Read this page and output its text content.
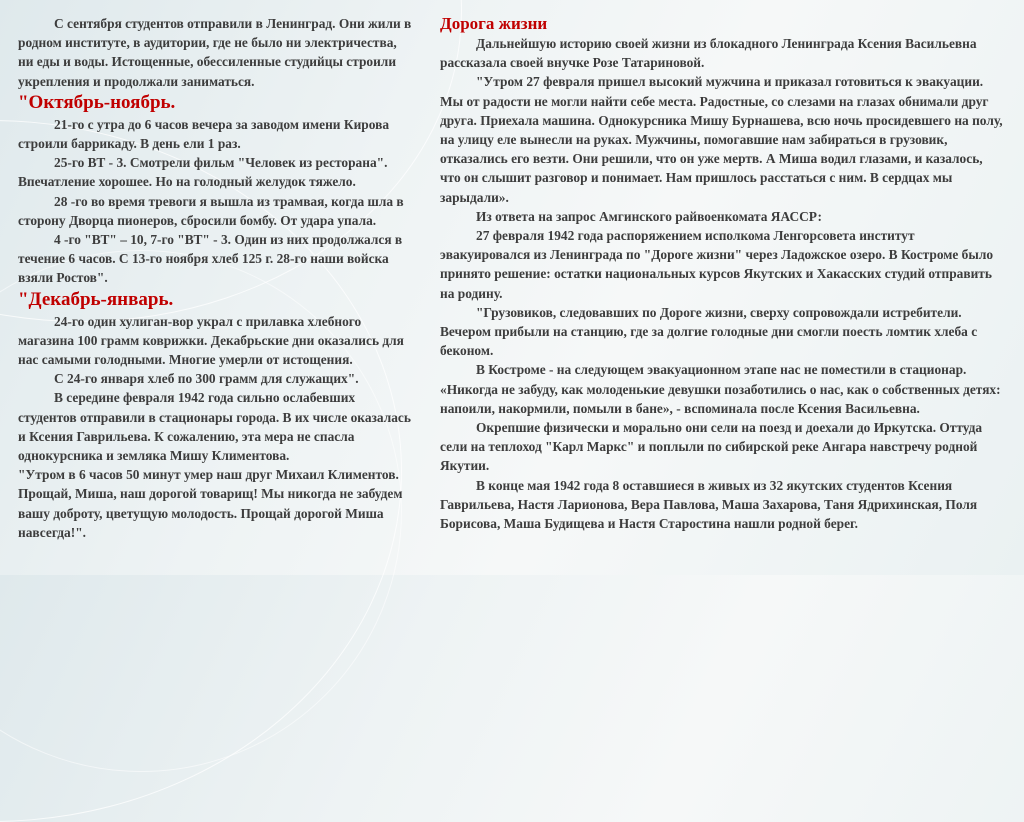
С сентября студентов отправили в Ленинград. Они жили в родном институте, в аудитории, где не было ни электричества, ни еды и воды. Истощенные, обессиленные студийцы строили укрепления и продолжали заниматься.

"Октябрь-ноябрь.

21-го с утра до 6 часов вечера за заводом имени Кирова строили баррикаду. В день ели 1 раз.

25-го ВТ - 3. Смотрели фильм "Человек из ресторана". Впечатление хорошее. Но на голодный желудок тяжело.

28 -го во время тревоги я вышла из трамвая, когда шла в сторону Дворца пионеров, сбросили бомбу. От удара упала.

4 -го "ВТ" – 10, 7-го "ВТ" - 3. Один из них продолжался в течение 6 часов. С 13-го ноября хлеб 125 г. 28-го наши войска взяли Ростов".

"Декабрь-январь.

24-го один хулиган-вор украл с прилавка хлебного магазина 100 грамм коврижки. Декабрьские дни оказались для нас самыми голодными. Многие умерли от истощения.

С 24-го января хлеб по 300 грамм для служащих".

В середине февраля 1942 года сильно ослабевших студентов отправили в стационары города. В их числе оказалась и Ксения Гаврильева. К сожалению, эта мера не спасла однокурсника и земляка Мишу Климентова.

"Утром в 6 часов 50 минут умер наш друг Михаил Климентов. Прощай, Миша, наш дорогой товарищ! Мы никогда не забудем вашу доброту, цветущую молодость. Прощай дорогой Миша навсегда!".

Дорога жизни

Дальнейшую историю своей жизни из блокадного Ленинграда Ксения Васильевна рассказала своей внучке Розе Татариновой.

"Утром 27 февраля пришел высокий мужчина и приказал готовиться к эвакуации. Мы от радости не могли найти себе места. Радостные, со слезами на глазах обнимали друг друга. Приехала машина. Однокурсника Мишу Бурнашева, всю ночь просидевшего на полу, на улицу еле вынесли на руках. Мужчины, помогавшие нам забираться в грузовик, отказались его везти. Они решили, что он уже мертв. А Миша водил глазами, и казалось, что он слышит разговор и понимает. Нам пришлось расстаться с ним. В сердцах мы зарыдали».

Из ответа на запрос Амгинского райвоенкомата ЯАССР:

27 февраля 1942 года распоряжением исполкома Ленгорсовета институт эвакуировался из Ленинграда по "Дороге жизни" через Ладожское озеро. В Костроме было принято решение: остатки национальных курсов Якутских и Хакасских студий отправить на родину.

"Грузовиков, следовавших по Дороге жизни, сверху сопровождали истребители. Вечером прибыли на станцию, где за долгие голодные дни смогли поесть ломтик хлеба с беконом.

В Костроме - на следующем эвакуационном этапе нас не поместили в стационар. «Никогда не забуду, как молоденькие девушки позаботились о нас, как о собственных детях: напоили, накормили, помыли в бане», - вспоминала после Ксения Васильевна.

Окрепшие физически и морально они сели на поезд и доехали до Иркутска. Оттуда сели на теплоход "Карл Маркс" и поплыли по сибирской реке Ангара навстречу родной Якутии.

В конце мая 1942 года 8 оставшиеся в живых из 32 якутских студентов Ксения Гаврильева, Настя Ларионова, Вера Павлова, Маша Захарова, Таня Ядрихинская, Поля Борисова, Маша Будищева и Настя Старостина нашли родной берег.
